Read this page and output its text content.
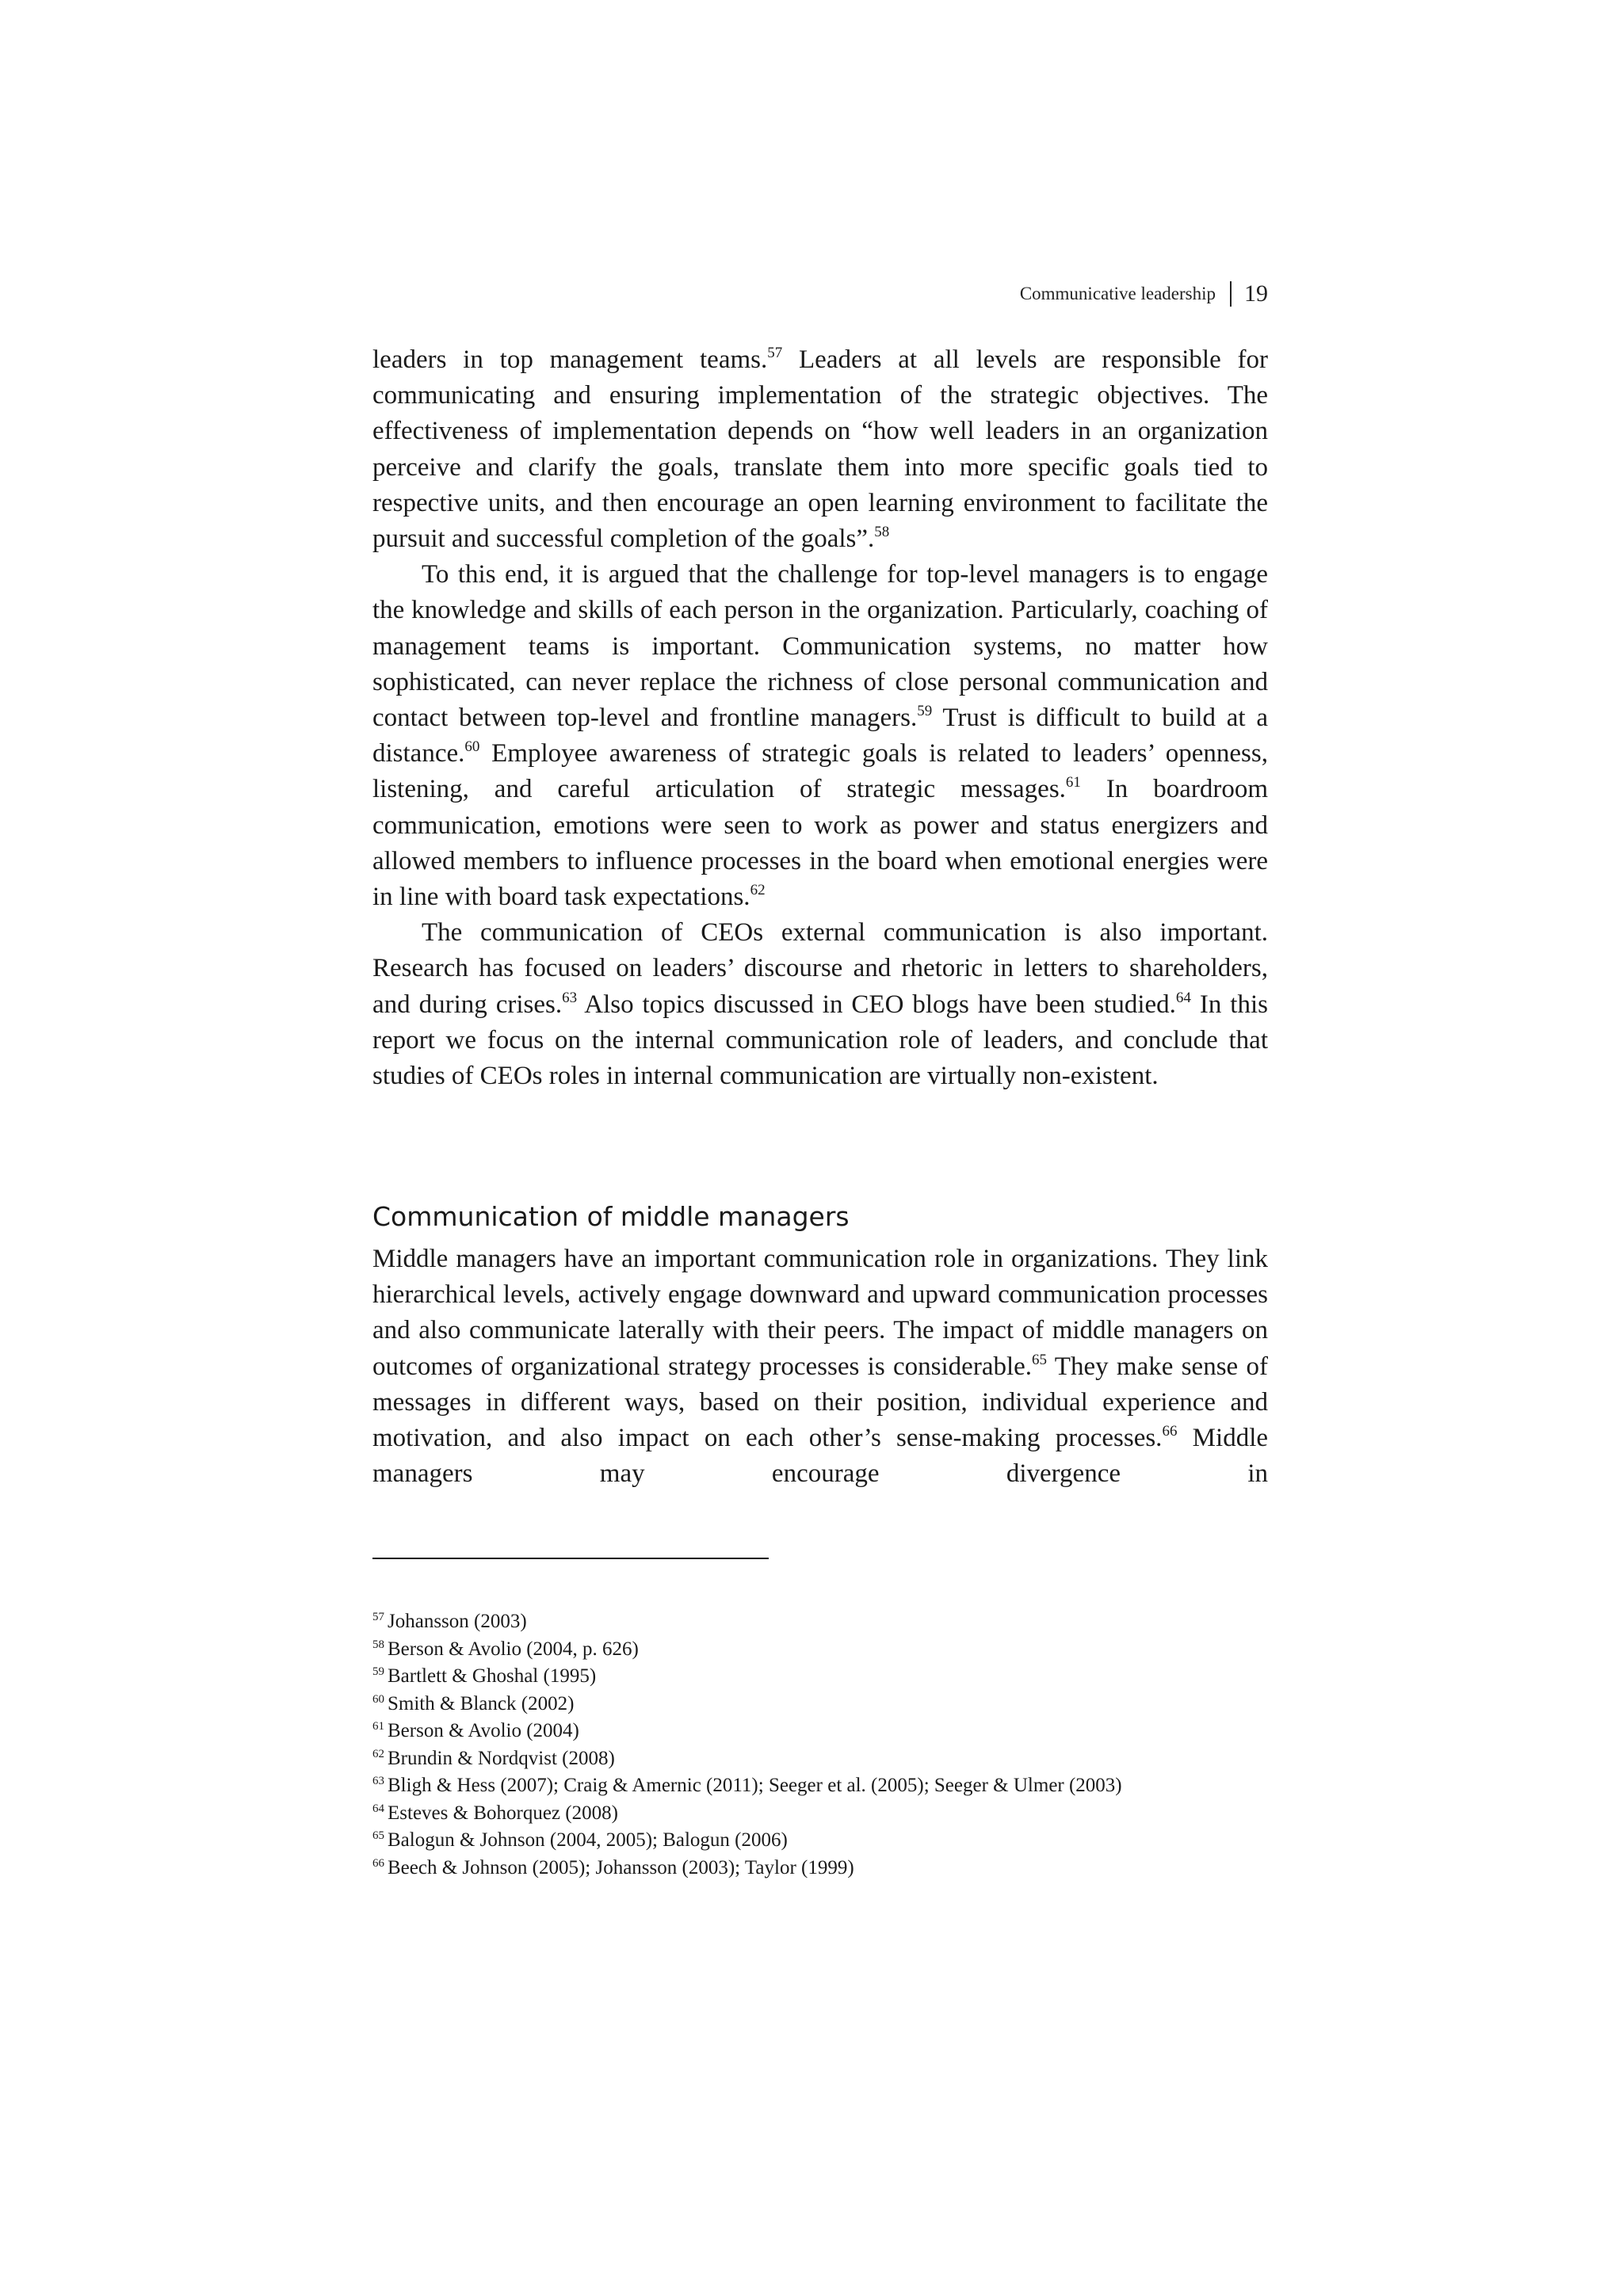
Communicative leadership 19

leaders in top management teams.$^{57}$ Leaders at all levels are responsible for communicating and ensuring implementation of the strategic objectives. The effectiveness of implementation depends on “how well leaders in an organization perceive and clarify the goals, translate them into more specific goals tied to respective units, and then encourage an open learning environment to facilitate the pursuit and successful completion of the goals”.$^{58}$

To this end, it is argued that the challenge for top-level managers is to engage the knowledge and skills of each person in the organization. Particularly, coaching of management teams is important. Communication systems, no matter how sophisticated, can never replace the richness of close personal communication and contact between top-level and frontline managers.$^{59}$ Trust is difficult to build at a distance.$^{60}$ Employee awareness of strategic goals is related to leaders’ openness, listening, and careful articulation of strategic messages.$^{61}$ In boardroom communication, emotions were seen to work as power and status energizers and allowed members to influence processes in the board when emotional energies were in line with board task expectations.$^{62}$

The communication of CEOs external communication is also important. Research has focused on leaders’ discourse and rhetoric in letters to shareholders, and during crises.$^{63}$ Also topics discussed in CEO blogs have been studied.$^{64}$ In this report we focus on the internal communication role of leaders, and conclude that studies of CEOs roles in internal communication are virtually non-existent.

Communication of middle managers

Middle managers have an important communication role in organizations. They link hierarchical levels, actively engage downward and upward communication processes and also communicate laterally with their peers. The impact of middle managers on outcomes of organizational strategy processes is considerable.$^{65}$ They make sense of messages in different ways, based on their position, individual experience and motivation, and also impact on each other’s sense-making processes.$^{66}$ Middle managers may encourage divergence in

$^{57}$ Johansson (2003)
$^{58}$ Berson & Avolio (2004, p. 626)
$^{59}$ Bartlett & Ghoshal (1995)
$^{60}$ Smith & Blanck (2002)
$^{61}$ Berson & Avolio (2004)
$^{62}$ Brundin & Nordqvist (2008)
$^{63}$ Bligh & Hess (2007); Craig & Amernic (2011); Seeger et al. (2005); Seeger & Ulmer (2003)
$^{64}$ Esteves & Bohorquez (2008)
$^{65}$ Balogun & Johnson (2004, 2005); Balogun (2006)
$^{66}$ Beech & Johnson (2005); Johansson (2003); Taylor (1999)
